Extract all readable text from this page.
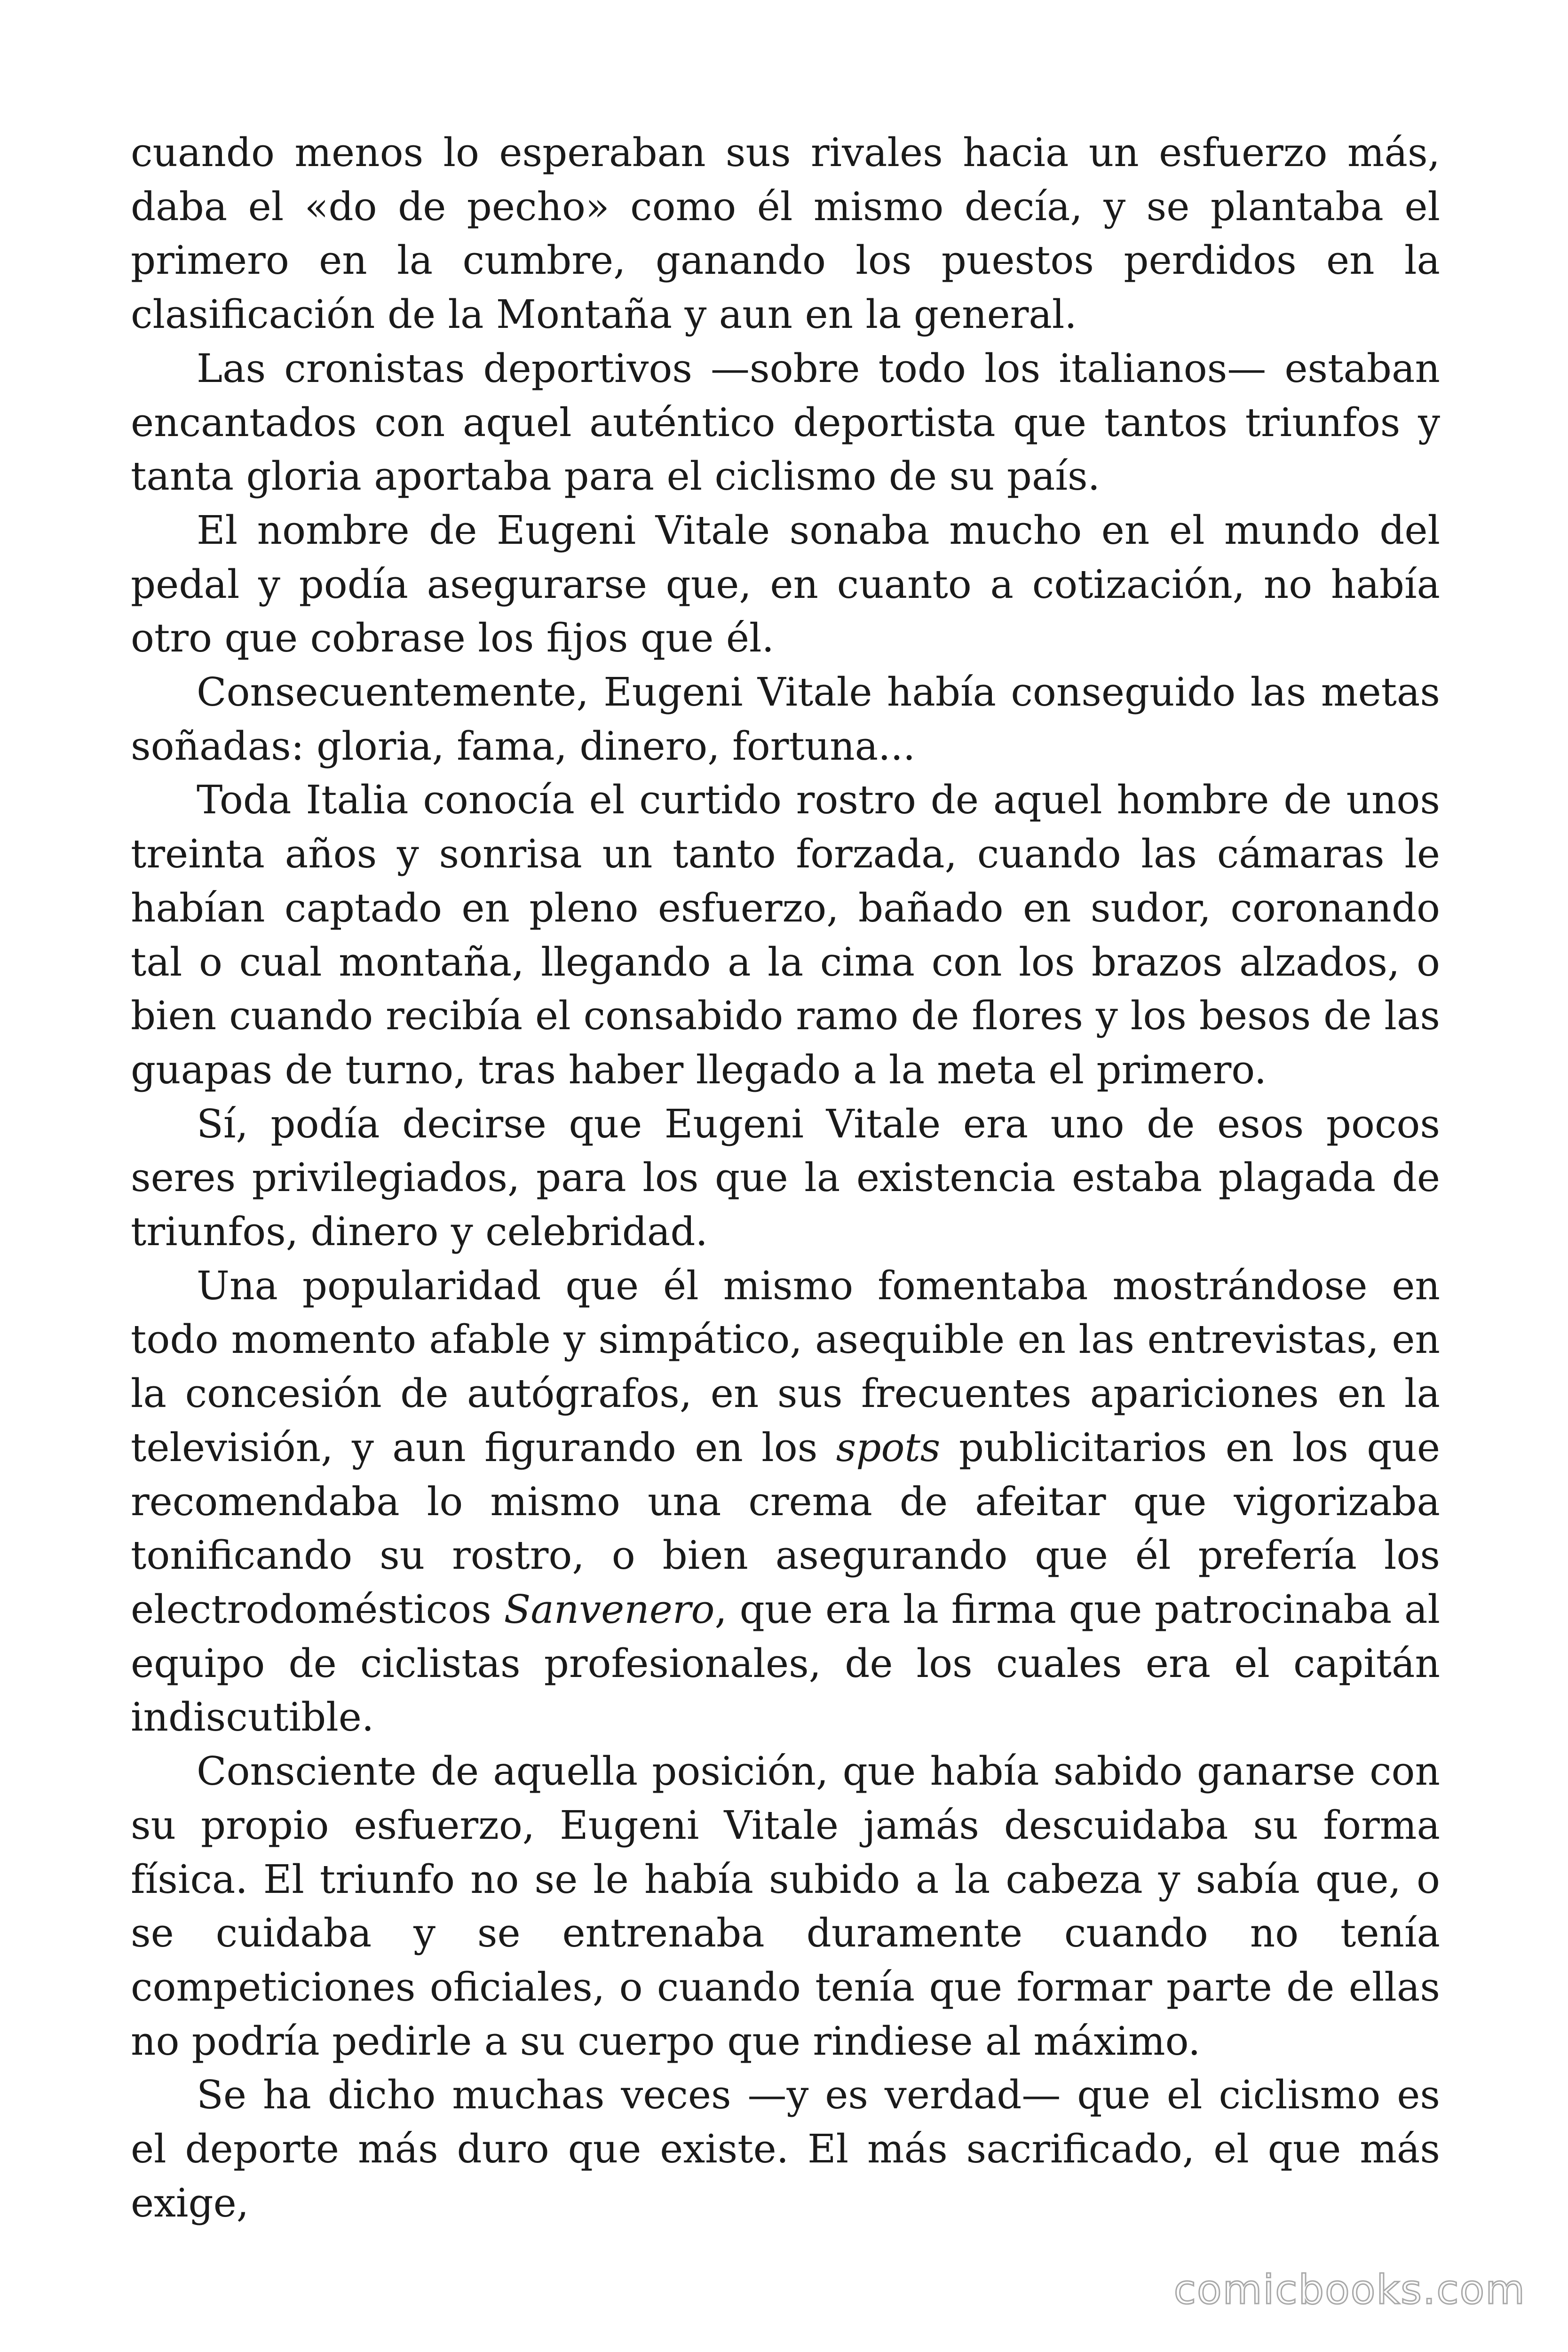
cuando menos lo esperaban sus rivales hacia un esfuerzo más, daba el «do de pecho» como él mismo decía, y se plantaba el primero en la cumbre, ganando los puestos perdidos en la clasificación de la Montaña y aun en la general.

Las cronistas deportivos —sobre todo los italianos— estaban encantados con aquel auténtico deportista que tantos triunfos y tanta gloria aportaba para el ciclismo de su país.

El nombre de Eugeni Vitale sonaba mucho en el mundo del pedal y podía asegurarse que, en cuanto a cotización, no había otro que cobrase los fijos que él.

Consecuentemente, Eugeni Vitale había conseguido las metas soñadas: gloria, fama, dinero, fortuna...

Toda Italia conocía el curtido rostro de aquel hombre de unos treinta años y sonrisa un tanto forzada, cuando las cámaras le habían captado en pleno esfuerzo, bañado en sudor, coronando tal o cual montaña, llegando a la cima con los brazos alzados, o bien cuando recibía el consabido ramo de flores y los besos de las guapas de turno, tras haber llegado a la meta el primero.

Sí, podía decirse que Eugeni Vitale era uno de esos pocos seres privilegiados, para los que la existencia estaba plagada de triunfos, dinero y celebridad.

Una popularidad que él mismo fomentaba mostrándose en todo momento afable y simpático, asequible en las entrevistas, en la concesión de autógrafos, en sus frecuentes apariciones en la televisión, y aun figurando en los spots publicitarios en los que recomendaba lo mismo una crema de afeitar que vigorizaba tonificando su rostro, o bien asegurando que él prefería los electrodomésticos Sanvenero, que era la firma que patrocinaba al equipo de ciclistas profesionales, de los cuales era el capitán indiscutible.

Consciente de aquella posición, que había sabido ganarse con su propio esfuerzo, Eugeni Vitale jamás descuidaba su forma física. El triunfo no se le había subido a la cabeza y sabía que, o se cuidaba y se entrenaba duramente cuando no tenía competiciones oficiales, o cuando tenía que formar parte de ellas no podría pedirle a su cuerpo que rindiese al máximo.

Se ha dicho muchas veces —y es verdad— que el ciclismo es el deporte más duro que existe. El más sacrificado, el que más exige,

comicbooks.com
